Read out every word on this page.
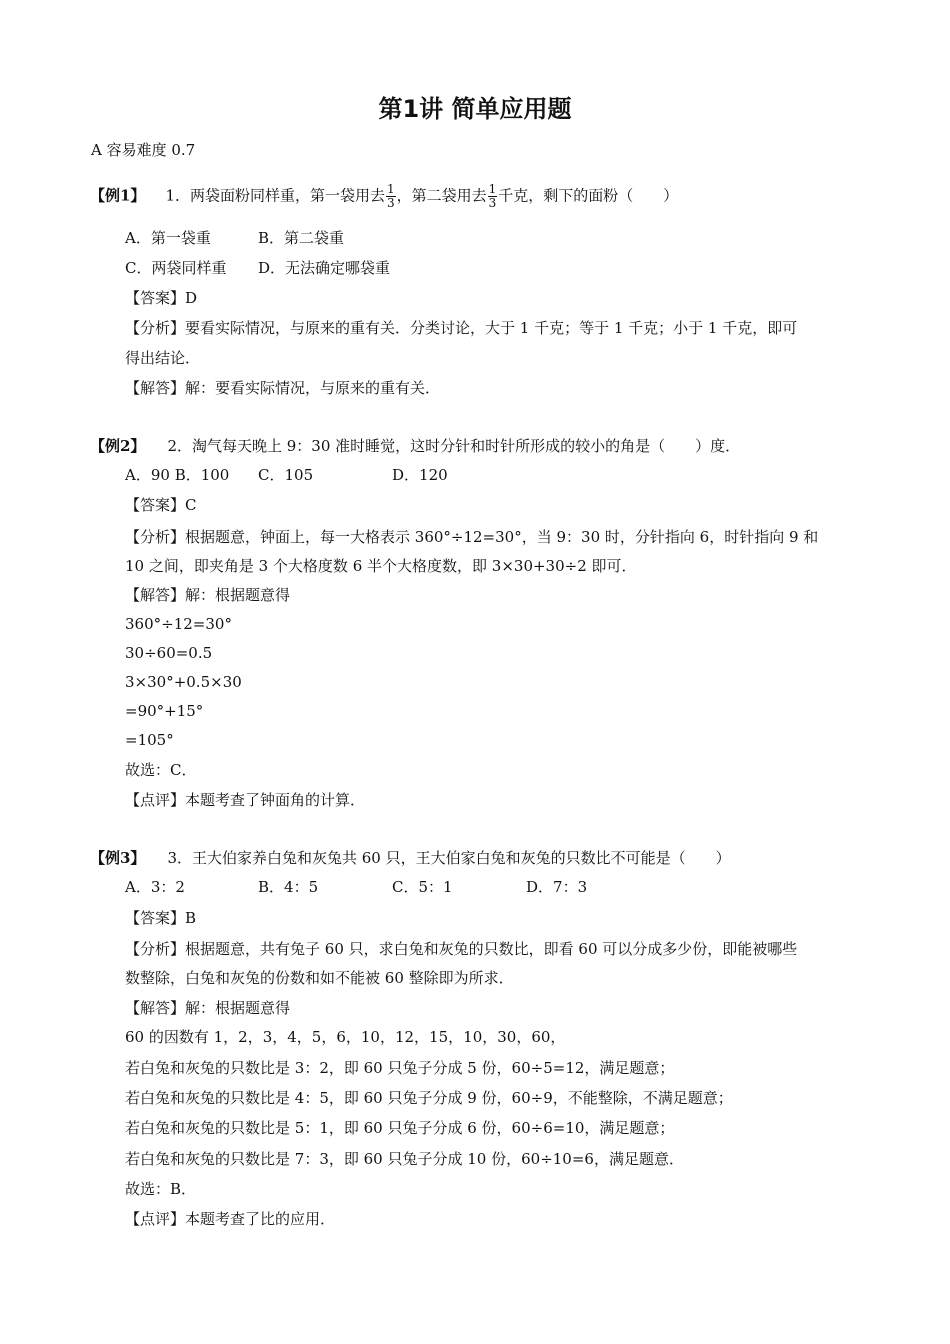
第1讲 简单应用题
A 容易难度 0.7
【例1】 1．两袋面粉同样重，第一袋用去 $\frac{1}{3}$ ，第二袋用去 $\frac{1}{3}$ 千克，剩下的面粉（　　）
A．第一袋重	B．第二袋重
C．两袋同样重 D．无法确定哪袋重
【答案】D
【分析】要看实际情况，与原来的重有关．分类讨论，大于 1 千克；等于 1 千克；小于 1 千克，即可
得出结论．
【解答】解：要看实际情况，与原来的重有关．
【例2】 2．淘气每天晚上 9：30 准时睡觉，这时分针和时针所形成的较小的角是（　　）度．
A．90 B．100 C．105	D．120
【答案】C
【分析】根据题意，钟面上，每一大格表示 360°÷12=30°，当 9：30 时，分针指向 6，时针指向 9 和
10 之间，即夹角是 3 个大格度数 6 半个大格度数，即 3×30+30÷2 即可．
【解答】解：根据题意得
360°÷12=30°
30÷60=0.5
3×30°+0.5×30
=90°+15°
=105°
故选：C．
【点评】本题考查了钟面角的计算．
【例3】 3．王大伯家养白兔和灰兔共 60 只，王大伯家白兔和灰兔的只数比不可能是（　　）
A．3：2	B．4：5	C．5：1	D．7：3
【答案】B
【分析】根据题意，共有兔子 60 只，求白兔和灰兔的只数比，即看 60 可以分成多少份，即能被哪些
数整除，白兔和灰兔的份数和如不能被 60 整除即为所求．
【解答】解：根据题意得
60 的因数有 1，2，3，4，5，6，10，12，15，10，30，60，
若白兔和灰兔的只数比是 3：2，即 60 只兔子分成 5 份，60÷5=12，满足题意；
若白兔和灰兔的只数比是 4：5，即 60 只兔子分成 9 份，60÷9，不能整除，不满足题意；
若白兔和灰兔的只数比是 5：1，即 60 只兔子分成 6 份，60÷6=10，满足题意；
若白兔和灰兔的只数比是 7：3，即 60 只兔子分成 10 份，60÷10=6，满足题意．
故选：B．
【点评】本题考查了比的应用．
